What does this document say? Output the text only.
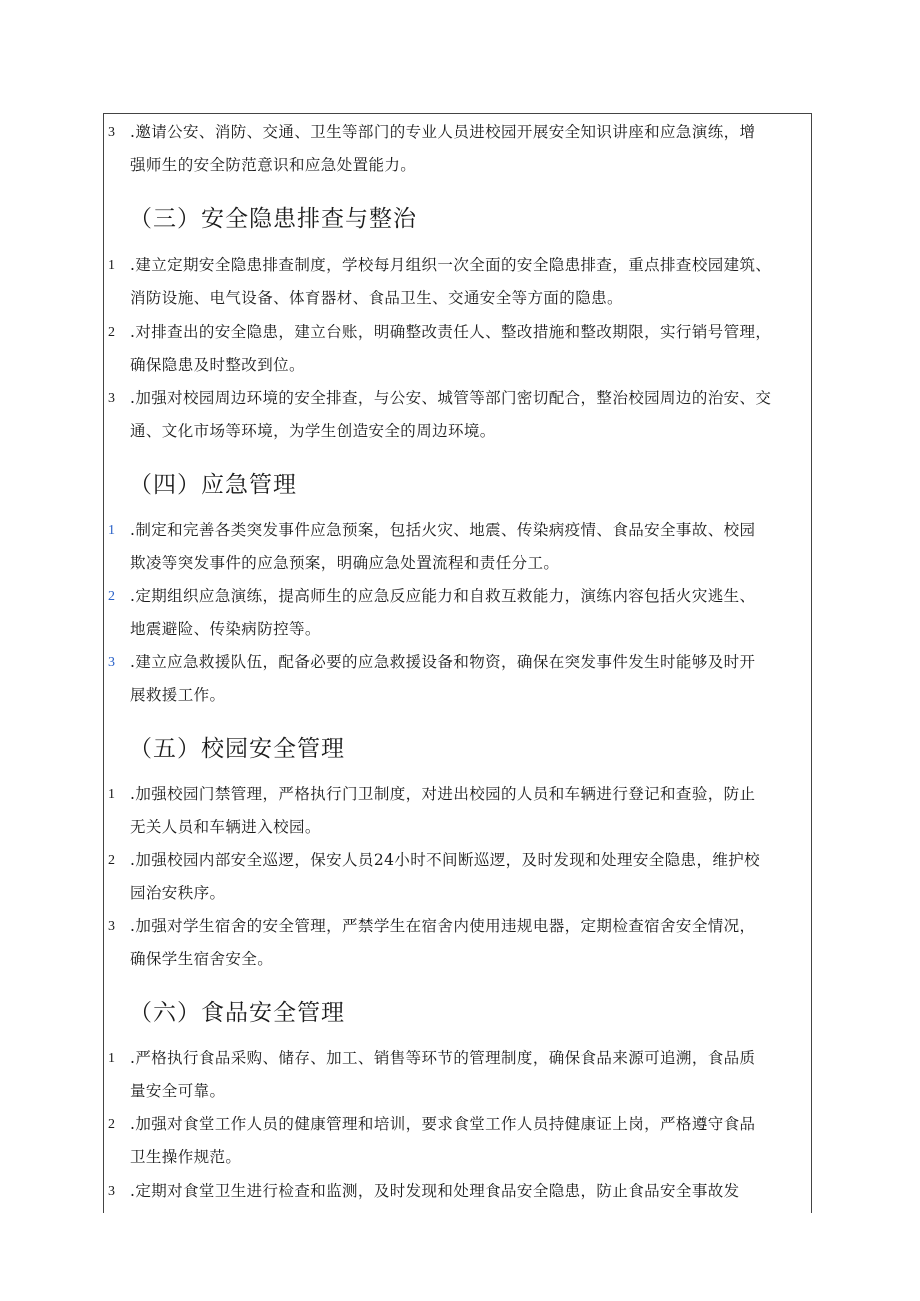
3 .邀请公安、消防、交通、卫生等部门的专业人员进校园开展安全知识讲座和应急演练，增
强师生的安全防范意识和应急处置能力。
（三）安全隐患排查与整治
1 .建立定期安全隐患排查制度，学校每月组织一次全面的安全隐患排查，重点排查校园建筑、
消防设施、电气设备、体育器材、食品卫生、交通安全等方面的隐患。
2 .对排查出的安全隐患，建立台账，明确整改责任人、整改措施和整改期限，实行销号管理，
确保隐患及时整改到位。
3 .加强对校园周边环境的安全排查，与公安、城管等部门密切配合，整治校园周边的治安、交
通、文化市场等环境，为学生创造安全的周边环境。
（四）应急管理
1 .制定和完善各类突发事件应急预案，包括火灾、地震、传染病疫情、食品安全事故、校园
欺凌等突发事件的应急预案，明确应急处置流程和责任分工。
2 .定期组织应急演练，提高师生的应急反应能力和自救互救能力，演练内容包括火灾逃生、
地震避险、传染病防控等。
3 .建立应急救援队伍，配备必要的应急救援设备和物资，确保在突发事件发生时能够及时开
展救援工作。
（五）校园安全管理
1 .加强校园门禁管理，严格执行门卫制度，对进出校园的人员和车辆进行登记和查验，防止
无关人员和车辆进入校园。
2 .加强校园内部安全巡逻，保安人员24小时不间断巡逻，及时发现和处理安全隐患，维护校
园治安秩序。
3 .加强对学生宿舍的安全管理，严禁学生在宿舍内使用违规电器，定期检查宿舍安全情况，
确保学生宿舍安全。
（六）食品安全管理
1 .严格执行食品采购、储存、加工、销售等环节的管理制度，确保食品来源可追溯，食品质
量安全可靠。
2 .加强对食堂工作人员的健康管理和培训，要求食堂工作人员持健康证上岗，严格遵守食品
卫生操作规范。
3 .定期对食堂卫生进行检查和监测，及时发现和处理食品安全隐患，防止食品安全事故发
